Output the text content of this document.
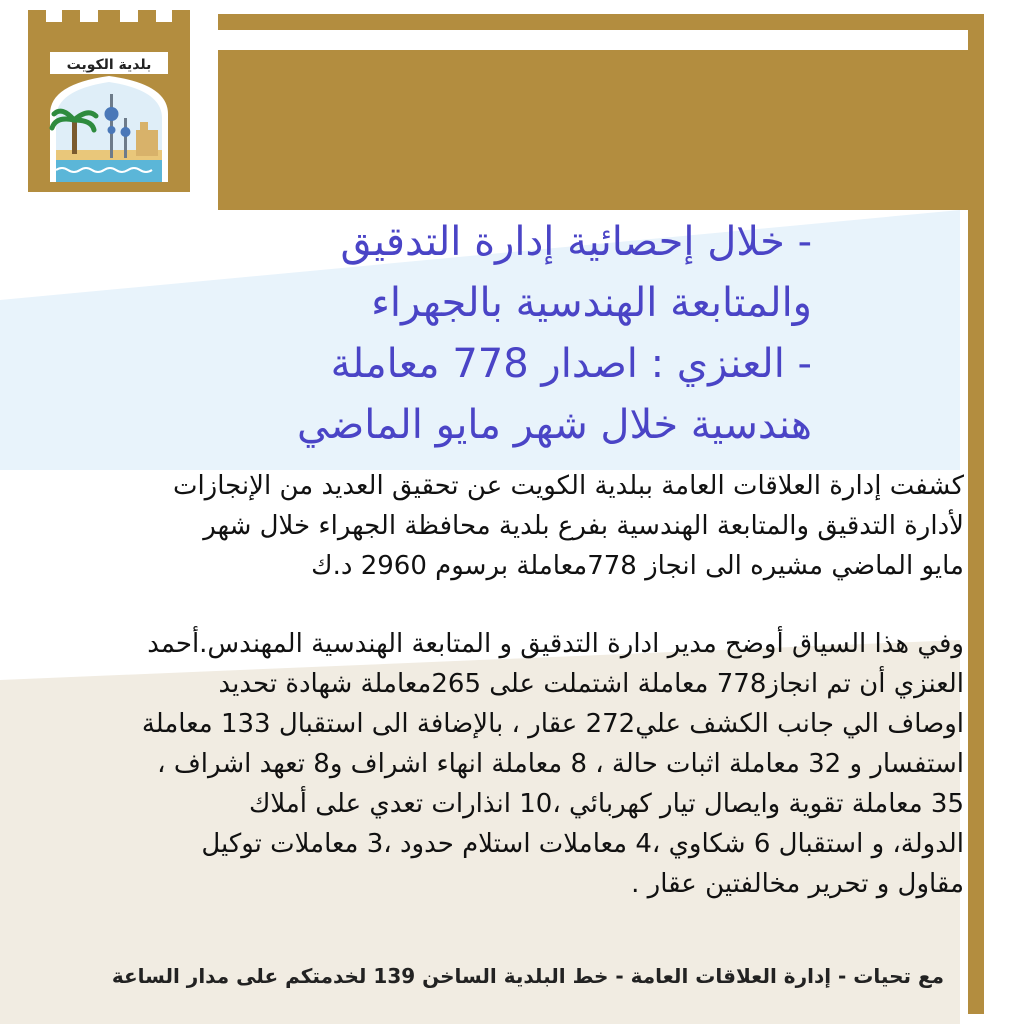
بلدية الكويت
- خلال إحصائية إدارة التدقيق
والمتابعة الهندسية بالجهراء
- العنزي : اصدار 778 معاملة
هندسية خلال شهر مايو الماضي
كشفت إدارة العلاقات العامة ببلدية الكويت عن تحقيق العديد من الإنجازات
لأدارة التدقيق والمتابعة الهندسية بفرع بلدية محافظة الجهراء خلال شهر
مايو الماضي مشيره الى انجاز 778معاملة برسوم 2960 د.ك
وفي هذا السياق أوضح مدير ادارة التدقيق و المتابعة الهندسية المهندس.أحمد
العنزي أن تم انجاز778 معاملة اشتملت على 265معاملة شهادة تحديد
اوصاف الي جانب الكشف علي272 عقار ، بالإضافة الى استقبال 133 معاملة
استفسار و 32 معاملة اثبات حالة ، 8 معاملة انهاء اشراف و8 تعهد اشراف ،
35 معاملة تقوية وايصال تيار كهربائي ،10 انذارات تعدي على أملاك
الدولة، و استقبال 6 شكاوي ،4 معاملات استلام حدود ،3 معاملات توكيل
مقاول و تحرير مخالفتين عقار .
مع تحيات - إدارة العلاقات العامة - خط البلدية الساخن 139 لخدمتكم على مدار الساعة
